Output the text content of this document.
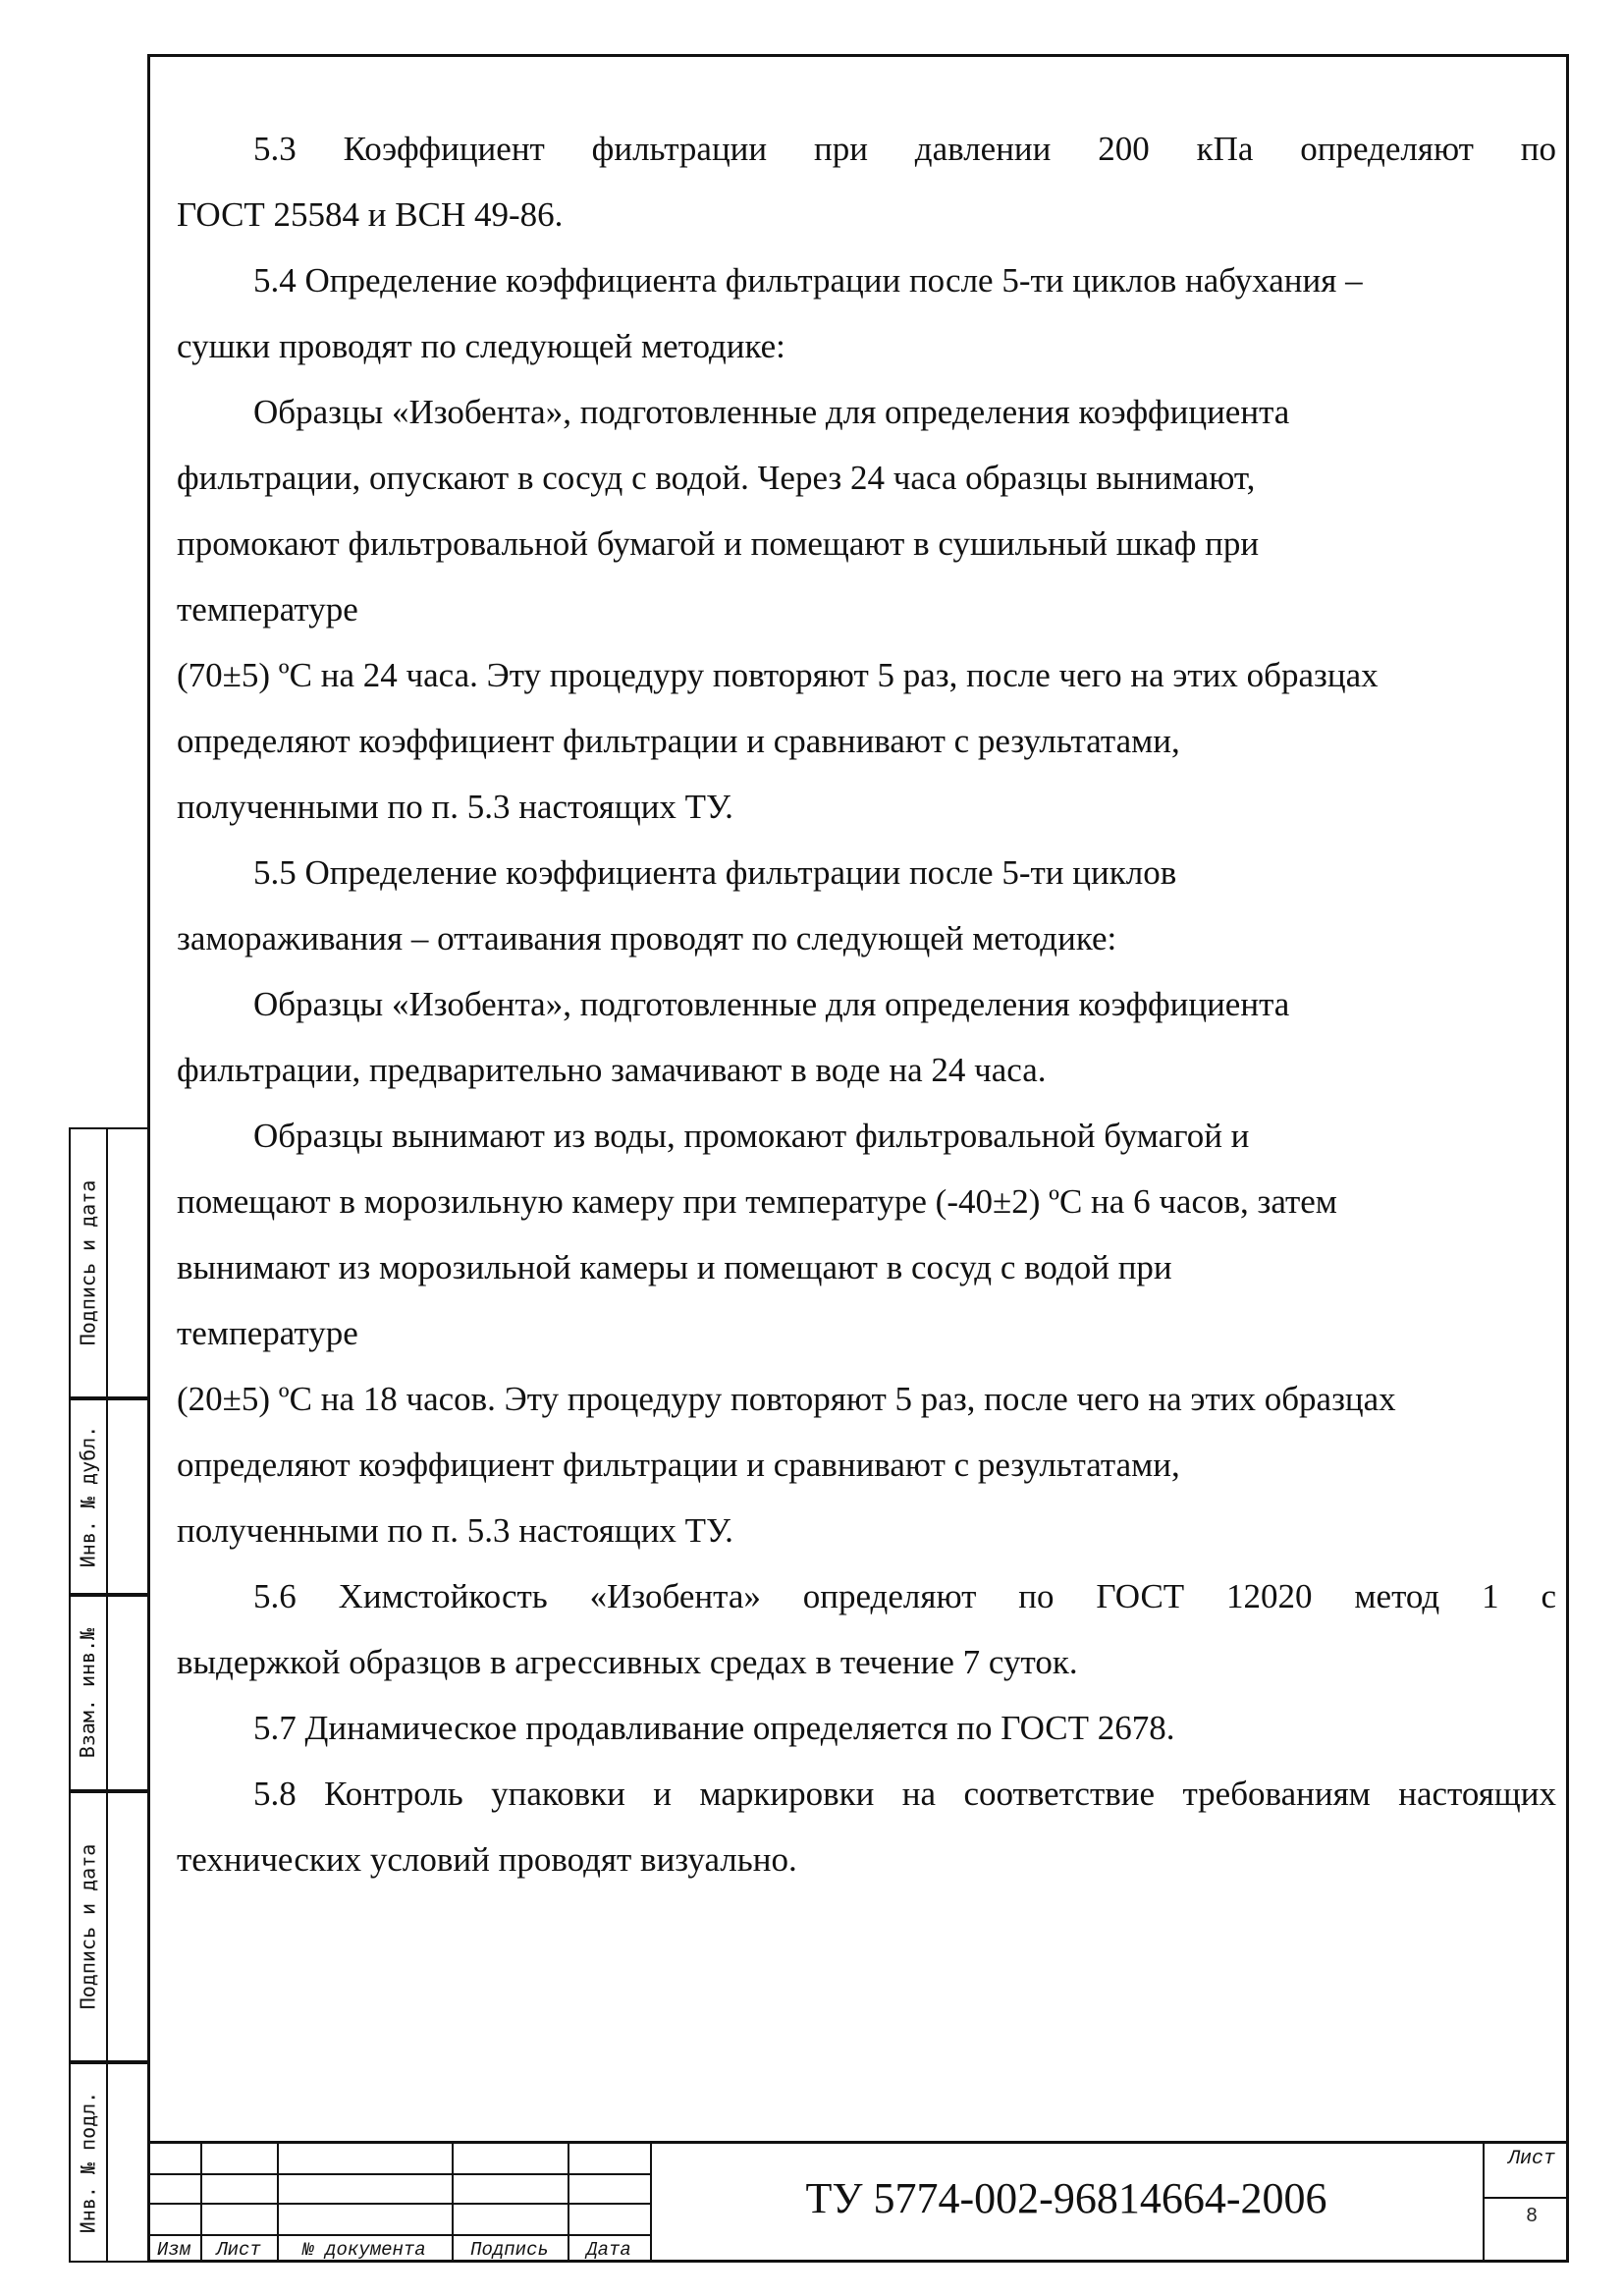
5.3 Коэффициент фильтрации при давлении 200 кПа определяют по

ГОСТ 25584 и ВСН 49-86.

5.4 Определение коэффициента фильтрации после 5-ти циклов набухания –

сушки проводят по следующей методике:

Образцы «Изобента», подготовленные для определения коэффициента

фильтрации, опускают в сосуд с водой. Через 24 часа образцы вынимают,

промокают фильтровальной бумагой и помещают в сушильный шкаф при

температуре

(70±5) ºС на 24 часа. Эту процедуру повторяют 5 раз, после чего на этих образцах

определяют коэффициент фильтрации и сравнивают с результатами,

полученными по п. 5.3 настоящих ТУ.

5.5 Определение коэффициента фильтрации после 5-ти циклов

замораживания – оттаивания проводят по следующей методике:

Образцы «Изобента», подготовленные для определения коэффициента

фильтрации, предварительно замачивают в воде на 24 часа.

Образцы вынимают из воды, промокают фильтровальной бумагой и

помещают в морозильную камеру при температуре (-40±2) ºС на 6 часов, затем

вынимают из морозильной камеры и помещают в сосуд с водой при

температуре

(20±5) ºС на 18 часов. Эту процедуру повторяют 5 раз, после чего на этих образцах

определяют коэффициент фильтрации и сравнивают с результатами,

полученными по п. 5.3 настоящих ТУ.

5.6 Химстойкость «Изобента» определяют по ГОСТ 12020 метод 1 с

выдержкой образцов в агрессивных средах в течение 7 суток.

5.7 Динамическое продавливание определяется по ГОСТ 2678.

5.8 Контроль упаковки и маркировки на соответствие требованиям настоящих

технических условий проводят визуально.

Подпись и дата
Инв. № дубл.
Взам. инв.№
Подпись и дата
Инв. № подл.
Изм	Лист	№ документа	Подпись	Дата
ТУ 5774-002-96814664-2006
Лист
8
